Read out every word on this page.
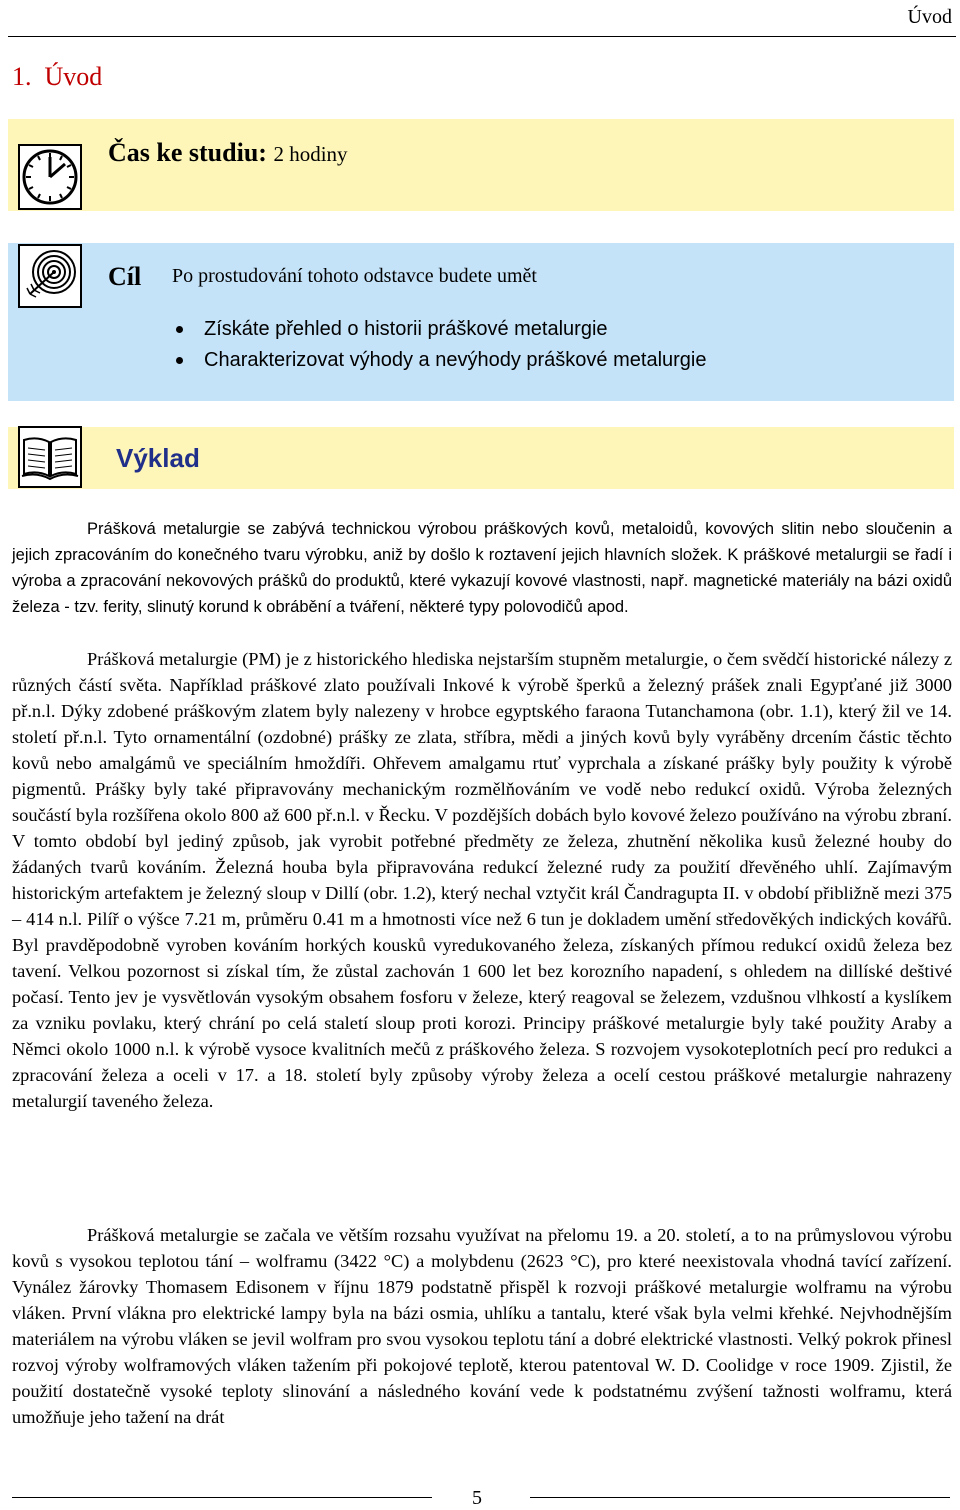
Úvod
1. Úvod
Čas ke studiu: 2 hodiny
Cíl Po prostudování tohoto odstavce budete umět
Získáte přehled o historii práškové metalurgie
Charakterizovat výhody a nevýhody práškové metalurgie
Výklad

Prášková metalurgie se zabývá technickou výrobou práškových kovů, metaloidů, kovových slitin nebo sloučenin a jejich zpracováním do konečného tvaru výrobku, aniž by došlo k roztavení jejich hlavních složek. K práškové metalurgii se řadí i výroba a zpracování nekovových prášků do produktů, které vykazují kovové vlastnosti, např. magnetické materiály na bázi oxidů železa - tzv. ferity, slinutý korund k obrábění a tváření, některé typy polovodičů apod.

Prášková metalurgie (PM) je z historického hlediska nejstarším stupněm metalurgie, o čem svědčí historické nálezy z různých částí světa. Například práškové zlato používali Inkové k výrobě šperků a železný prášek znali Egypťané již 3000 př.n.l. Dýky zdobené práškovým zlatem byly nalezeny v hrobce egyptského faraona Tutanchamona (obr. 1.1), který žil ve 14. století př.n.l. Tyto ornamentální (ozdobné) prášky ze zlata, stříbra, mědi a jiných kovů byly vyráběny drcením částic těchto kovů nebo amalgámů ve speciálním hmoždíři. Ohřevem amalgamu rtuť vyprchala a získané prášky byly použity k výrobě pigmentů. Prášky byly také připravovány mechanickým rozmělňováním ve vodě nebo redukcí oxidů. Výroba železných součástí byla rozšířena okolo 800 až 600 př.n.l. v Řecku. V pozdějších dobách bylo kovové železo používáno na výrobu zbraní. V tomto období byl jediný způsob, jak vyrobit potřebné předměty ze železa, zhutnění několika kusů železné houby do žádaných tvarů kováním. Železná houba byla připravována redukcí železné rudy za použití dřevěného uhlí. Zajímavým historickým artefaktem je železný sloup v Dillí (obr. 1.2), který nechal vztyčit král Čandragupta II. v období přibližně mezi 375 – 414 n.l. Pilíř o výšce 7.21 m, průměru 0.41 m a hmotnosti více než 6 tun je dokladem umění středověkých indických kovářů. Byl pravděpodobně vyroben kováním horkých kousků vyredukovaného železa, získaných přímou redukcí oxidů železa bez tavení. Velkou pozornost si získal tím, že zůstal zachován 1 600 let bez korozního napadení, s ohledem na dillíské deštivé počasí. Tento jev je vysvětlován vysokým obsahem fosforu v železe, který reagoval se železem, vzdušnou vlhkostí a kyslíkem za vzniku povlaku, který chrání po celá staletí sloup proti korozi. Principy práškové metalurgie byly také použity Araby a Němci okolo 1000 n.l. k výrobě vysoce kvalitních mečů z práškového železa. S rozvojem vysokoteplotních pecí pro redukci a zpracování železa a oceli v 17. a 18. století byly způsoby výroby železa a ocelí cestou práškové metalurgie nahrazeny metalurgií taveného železa.

Prášková metalurgie se začala ve větším rozsahu využívat na přelomu 19. a 20. století, a to na průmyslovou výrobu kovů s vysokou teplotou tání – wolframu (3422 °C) a molybdenu (2623 °C), pro které neexistovala vhodná tavící zařízení. Vynález žárovky Thomasem Edisonem v říjnu 1879 podstatně přispěl k rozvoji práškové metalurgie wolframu na výrobu vláken. První vlákna pro elektrické lampy byla na bázi osmia, uhlíku a tantalu, které však byla velmi křehké. Nejvhodnějším materiálem na výrobu vláken se jevil wolfram pro svou vysokou teplotu tání a dobré elektrické vlastnosti. Velký pokrok přinesl rozvoj výroby wolframových vláken tažením při pokojové teplotě, kterou patentoval W. D. Coolidge v roce 1909. Zjistil, že použití dostatečně vysoké teploty slinování a následného kování vede k podstatnému zvýšení tažnosti wolframu, která umožňuje jeho tažení na drát

5
